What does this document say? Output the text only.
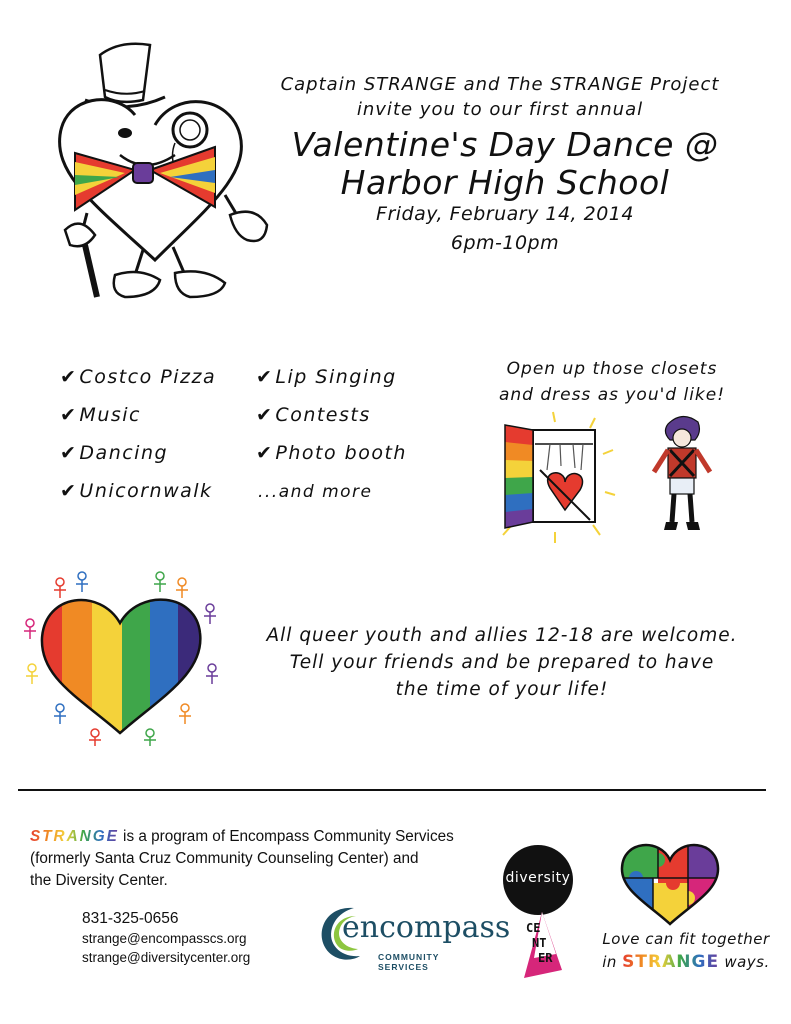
Captain STRANGE and The STRANGE Project
invite you to our first annual
Valentine's Day Dance @
Harbor High School
Friday, February 14, 2014
6pm-10pm
✔ Costco Pizza
✔ Music
✔ Dancing
✔ Unicornwalk
✔ Lip Singing
✔ Contests
✔ Photo booth
...and more
Open up those closets
and dress as you'd like!
All queer youth and allies 12-18 are welcome.
Tell your friends and be prepared to have
the time of your life!
STRANGE is a program of Encompass Community Services
(formerly Santa Cruz Community Counseling Center) and
the Diversity Center.
831-325-0656
strange@encompasscs.org
strange@diversitycenter.org
encompass
COMMUNITY SERVICES
diversity
CE
NT
ER
Love can fit together
in STRANGE ways.
